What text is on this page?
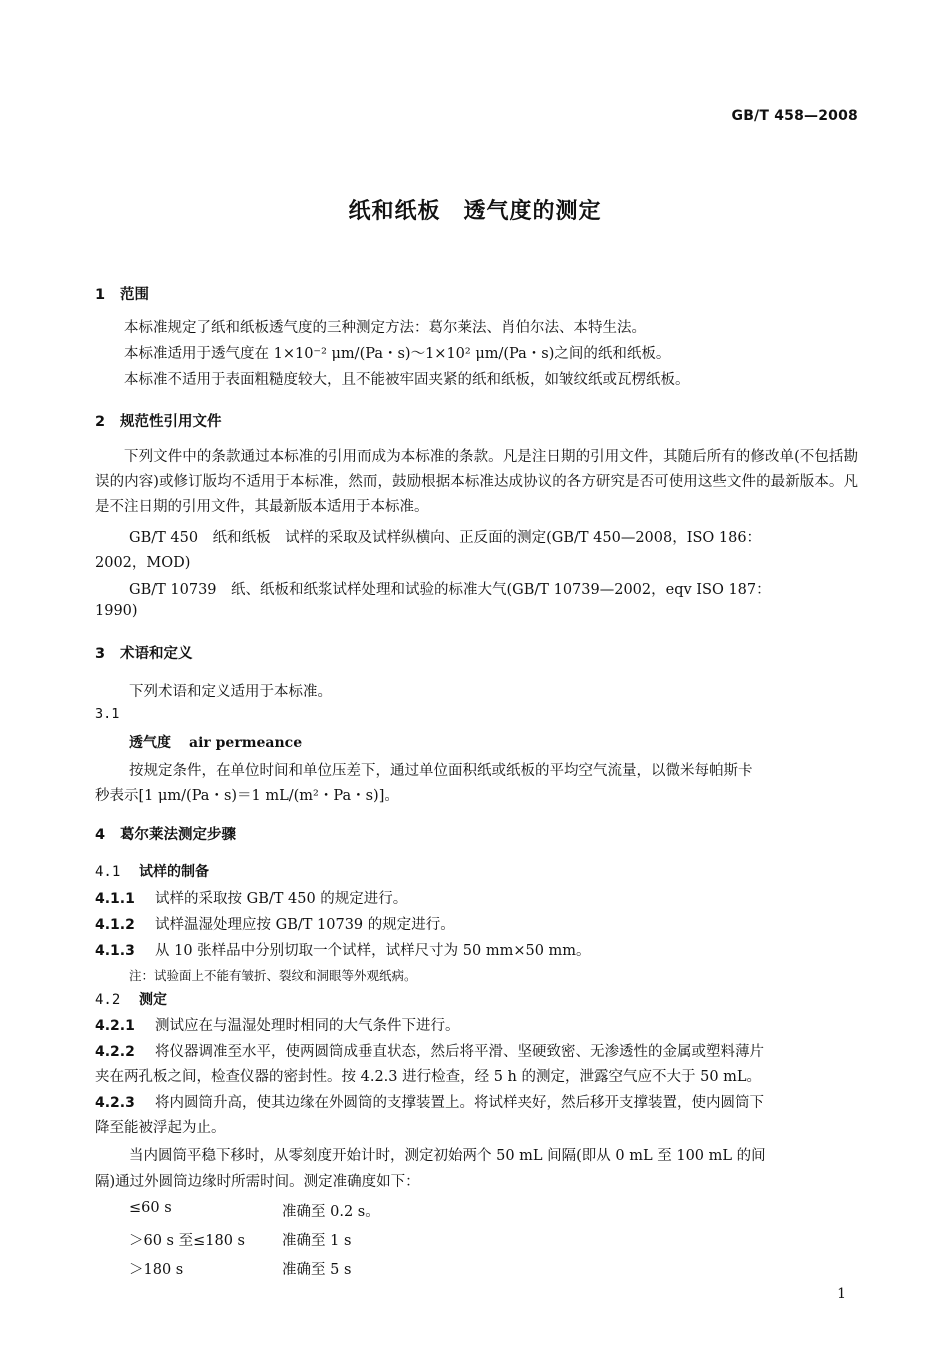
GB/T 458—2008
纸和纸板　透气度的测定
1 范围
本标准规定了纸和纸板透气度的三种测定方法：葛尔莱法、肖伯尔法、本特生法。
本标准适用于透气度在 1×10⁻² μm/(Pa・s)～1×10² μm/(Pa・s)之间的纸和纸板。
本标准不适用于表面粗糙度较大，且不能被牢固夹紧的纸和纸板，如皱纹纸或瓦楞纸板。
2 规范性引用文件
下列文件中的条款通过本标准的引用而成为本标准的条款。凡是注日期的引用文件，其随后所有的修改单(不包括勘误的内容)或修订版均不适用于本标准，然而，鼓励根据本标准达成协议的各方研究是否可使用这些文件的最新版本。凡是不注日期的引用文件，其最新版本适用于本标准。
GB/T 450　纸和纸板　试样的采取及试样纵横向、正反面的测定(GB/T 450—2008，ISO 186：
2002，MOD)
GB/T 10739　纸、纸板和纸浆试样处理和试验的标准大气(GB/T 10739—2002，eqv ISO 187：
1990)
3 术语和定义
下列术语和定义适用于本标准。
3.1
透气度 air permeance
按规定条件，在单位时间和单位压差下，通过单位面积纸或纸板的平均空气流量，以微米每帕斯卡
秒表示[1 μm/(Pa・s)＝1 mL/(m²・Pa・s)]。
4 葛尔莱法测定步骤
4.1 试样的制备
4.1.1 试样的采取按 GB/T 450 的规定进行。
4.1.2 试样温湿处理应按 GB/T 10739 的规定进行。
4.1.3 从 10 张样品中分别切取一个试样，试样尺寸为 50 mm×50 mm。
注：试验面上不能有皱折、裂纹和洞眼等外观纸病。
4.2 测定
4.2.1 测试应在与温湿处理时相同的大气条件下进行。
4.2.2 将仪器调准至水平，使两圆筒成垂直状态，然后将平滑、坚硬致密、无渗透性的金属或塑料薄片
夹在两孔板之间，检查仪器的密封性。按 4.2.3 进行检查，经 5 h 的测定，泄露空气应不大于 50 mL。
4.2.3 将内圆筒升高，使其边缘在外圆筒的支撑装置上。将试样夹好，然后移开支撑装置，使内圆筒下
降至能被浮起为止。
当内圆筒平稳下移时，从零刻度开始计时，测定初始两个 50 mL 间隔(即从 0 mL 至 100 mL 的间
隔)通过外圆筒边缘时所需时间。测定准确度如下：
≤60 s	准确至 0.2 s。
＞60 s 至≤180 s	准确至 1 s
＞180 s	准确至 5 s
1
